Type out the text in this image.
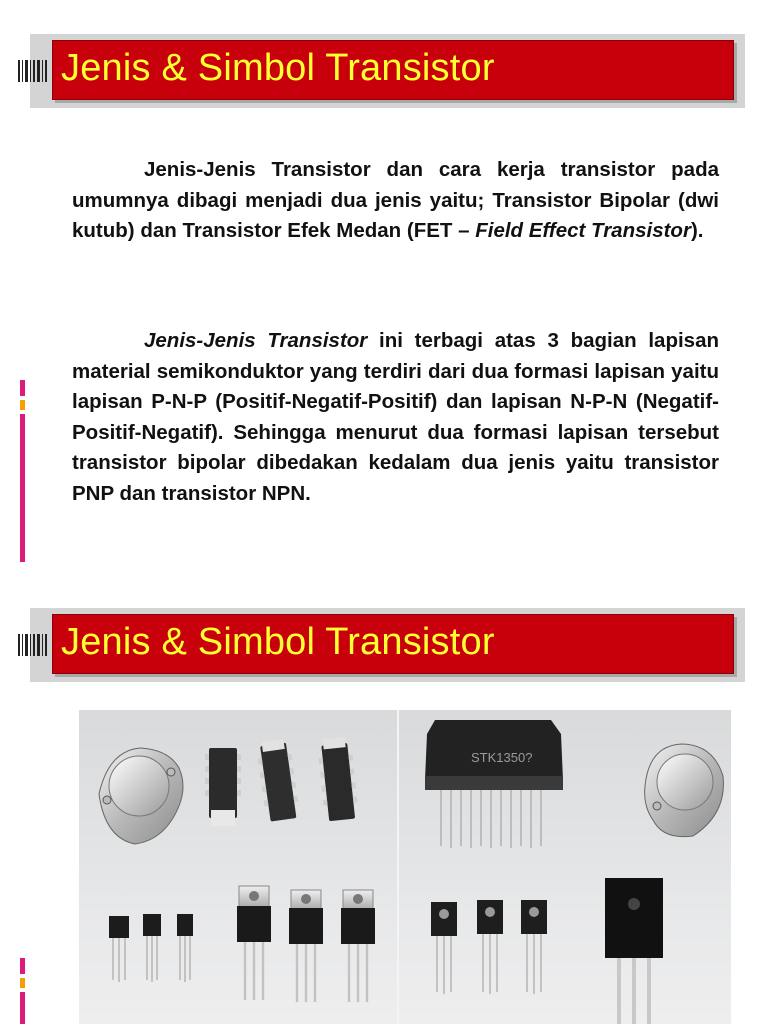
Jenis & Simbol Transistor

Jenis-Jenis Transistor dan cara kerja transistor pada umumnya dibagi menjadi dua jenis yaitu; Transistor Bipolar (dwi kutub) dan Transistor Efek Medan (FET – Field Effect Transistor).

Jenis-Jenis Transistor ini terbagi atas 3 bagian lapisan material semikonduktor yang terdiri dari dua formasi lapisan yaitu lapisan P-N-P (Positif-Negatif-Positif) dan lapisan N-P-N (Negatif-Positif-Negatif). Sehingga menurut dua formasi lapisan tersebut transistor bipolar dibedakan kedalam dua jenis yaitu transistor PNP dan transistor NPN.

Jenis & Simbol Transistor
STK1350?
